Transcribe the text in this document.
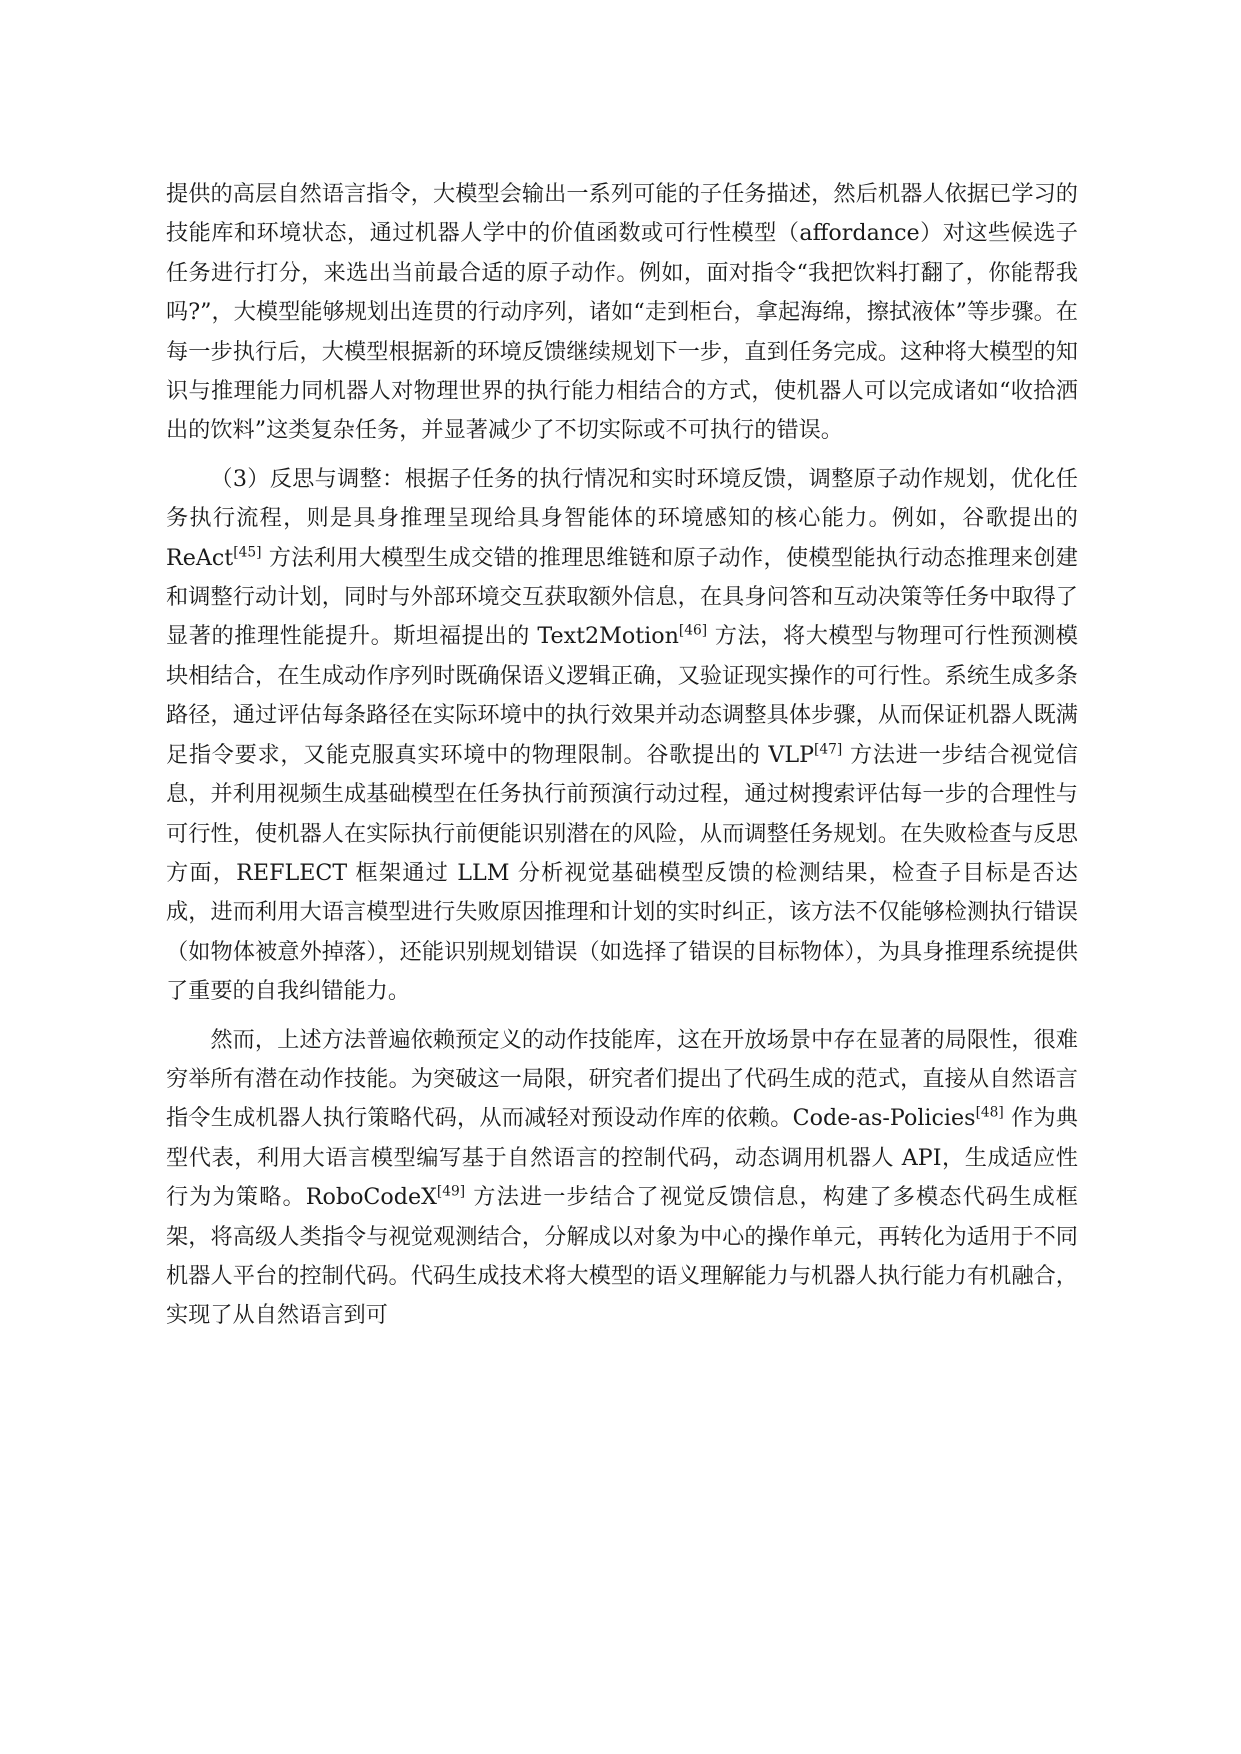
提供的高层自然语言指令，大模型会输出一系列可能的子任务描述，然后机器人依据已学习的技能库和环境状态，通过机器人学中的价值函数或可行性模型（affordance）对这些候选子任务进行打分，来选出当前最合适的原子动作。例如，面对指令“我把饮料打翻了，你能帮我吗?”，大模型能够规划出连贯的行动序列，诸如“走到柜台，拿起海绵，擦拭液体”等步骤。在每一步执行后，大模型根据新的环境反馈继续规划下一步，直到任务完成。这种将大模型的知识与推理能力同机器人对物理世界的执行能力相结合的方式，使机器人可以完成诸如“收拾洒出的饮料”这类复杂任务，并显著减少了不切实际或不可执行的错误。

（3）反思与调整：根据子任务的执行情况和实时环境反馈，调整原子动作规划，优化任务执行流程，则是具身推理呈现给具身智能体的环境感知的核心能力。例如，谷歌提出的 ReAct[45] 方法利用大模型生成交错的推理思维链和原子动作，使模型能执行动态推理来创建和调整行动计划，同时与外部环境交互获取额外信息，在具身问答和互动决策等任务中取得了显著的推理性能提升。斯坦福提出的 Text2Motion[46] 方法，将大模型与物理可行性预测模块相结合，在生成动作序列时既确保语义逻辑正确，又验证现实操作的可行性。系统生成多条路径，通过评估每条路径在实际环境中的执行效果并动态调整具体步骤，从而保证机器人既满足指令要求，又能克服真实环境中的物理限制。谷歌提出的 VLP[47] 方法进一步结合视觉信息，并利用视频生成基础模型在任务执行前预演行动过程，通过树搜索评估每一步的合理性与可行性，使机器人在实际执行前便能识别潜在的风险，从而调整任务规划。在失败检查与反思方面，REFLECT 框架通过 LLM 分析视觉基础模型反馈的检测结果，检查子目标是否达成，进而利用大语言模型进行失败原因推理和计划的实时纠正，该方法不仅能够检测执行错误（如物体被意外掉落），还能识别规划错误（如选择了错误的目标物体），为具身推理系统提供了重要的自我纠错能力。

然而，上述方法普遍依赖预定义的动作技能库，这在开放场景中存在显著的局限性，很难穷举所有潜在动作技能。为突破这一局限，研究者们提出了代码生成的范式，直接从自然语言指令生成机器人执行策略代码，从而减轻对预设动作库的依赖。Code-as-Policies[48] 作为典型代表，利用大语言模型编写基于自然语言的控制代码，动态调用机器人 API，生成适应性行为为策略。RoboCodeX[49] 方法进一步结合了视觉反馈信息，构建了多模态代码生成框架，将高级人类指令与视觉观测结合，分解成以对象为中心的操作单元，再转化为适用于不同机器人平台的控制代码。代码生成技术将大模型的语义理解能力与机器人执行能力有机融合，实现了从自然语言到可
